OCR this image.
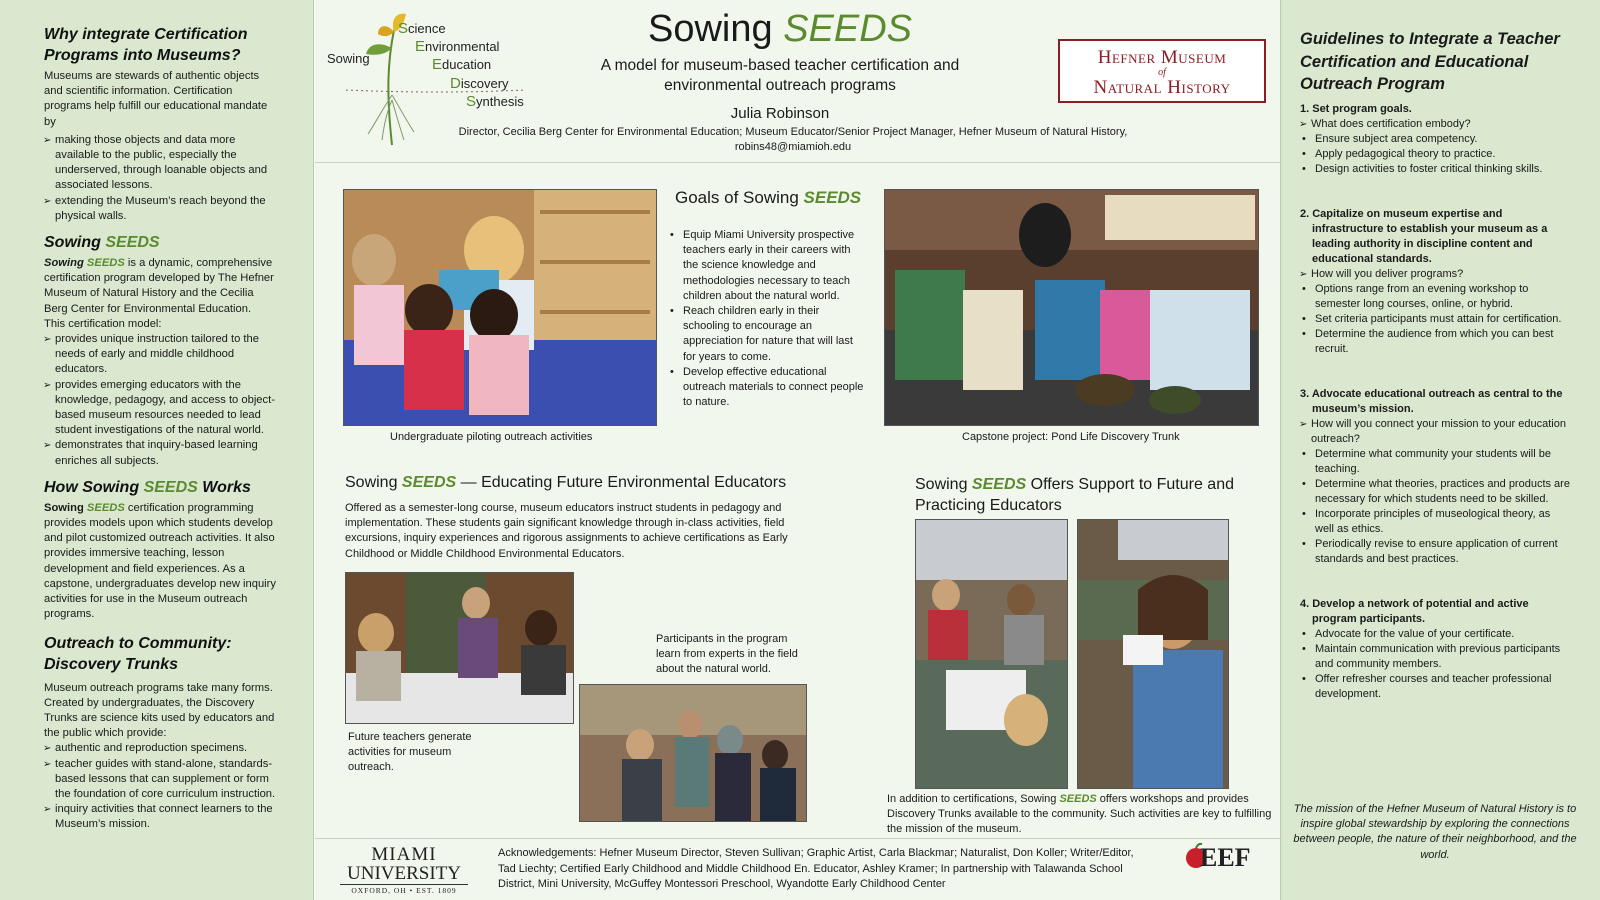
Why integrate Certification Programs into Museums?
Museums are stewards of authentic objects and scientific information. Certification programs help fulfill our educational mandate by
➢ making those objects and data more available to the public, especially the underserved, through loanable objects and associated lessons.
➢ extending the Museum’s reach beyond the physical walls.
Sowing SEEDS
Sowing SEEDS is a dynamic, comprehensive certification program developed by The Hefner Museum of Natural History and the Cecilia Berg Center for Environmental Education.
This certification model:
➢ provides unique instruction tailored to the needs of early and middle childhood educators.
➢ provides emerging educators with the knowledge, pedagogy, and access to object-based museum resources needed to lead student investigations of the natural world.
➢ demonstrates that inquiry-based learning enriches all subjects.
How Sowing SEEDS Works
Sowing SEEDS certification programming provides models upon which students develop and pilot customized outreach activities. It also provides immersive teaching, lesson development and field experiences. As a capstone, undergraduates develop new inquiry activities for use in the Museum outreach programs.
Outreach to Community: Discovery Trunks
Museum outreach programs take many forms. Created by undergraduates, the Discovery Trunks are science kits used by educators and the public which provide:
➢ authentic and reproduction specimens.
➢ teacher guides with stand-alone, standards-based lessons that can supplement or form the foundation of core curriculum instruction.
➢ inquiry activities that connect learners to the Museum’s mission.
Sowing
Science
Environmental
Education
Discovery
Synthesis
Sowing SEEDS
A model for museum-based teacher certification and environmental outreach programs
Julia Robinson
Director, Cecilia Berg Center for Environmental Education; Museum Educator/Senior Project Manager, Hefner Museum of Natural History,
robins48@miamioh.edu
Hefner Museum
of
Natural History
Undergraduate piloting outreach activities
Goals of Sowing SEEDS
• Equip Miami University prospective teachers early in their careers with the science knowledge and methodologies necessary to teach children about the natural world.
• Reach children early in their schooling to encourage an appreciation for nature that will last for years to come.
• Develop effective educational outreach materials to connect people to nature.
Capstone project: Pond Life Discovery Trunk
Sowing SEEDS — Educating Future Environmental Educators
Offered as a semester-long course, museum educators instruct students in pedagogy and implementation. These students gain significant knowledge through in-class activities, field excursions, inquiry experiences and rigorous assignments to achieve certifications as Early Childhood or Middle Childhood Environmental Educators.
Future teachers generate activities for museum outreach.
Participants in the program learn from experts in the field about the natural world.
Sowing SEEDS Offers Support to Future and Practicing Educators
In addition to certifications, Sowing SEEDS offers workshops and provides Discovery Trunks available to the community. Such activities are key to fulfilling the mission of the museum.
MIAMI
UNIVERSITY
OXFORD, OH • EST. 1809
Acknowledgements: Hefner Museum Director, Steven Sullivan; Graphic Artist, Carla Blackmar; Naturalist, Don Koller; Writer/Editor, Tad Liechty; Certified Early Childhood and Middle Childhood En. Educator, Ashley Kramer; In partnership with Talawanda School District, Mini University, McGuffey Montessori Preschool, Wyandotte Early Childhood Center
EEF
Guidelines to Integrate a Teacher Certification and Educational Outreach Program
1. Set program goals.
➢ What does certification embody?
• Ensure subject area competency.
• Apply pedagogical theory to practice.
• Design activities to foster critical thinking skills.
2. Capitalize on museum expertise and infrastructure to establish your museum as a leading authority in discipline content and educational standards.
➢ How will you deliver programs?
• Options range from an evening workshop to semester long courses, online, or hybrid.
• Set criteria participants must attain for certification.
• Determine the audience from which you can best recruit.
3. Advocate educational outreach as central to the museum’s mission.
➢ How will you connect your mission to your education outreach?
• Determine what community your students will be teaching.
• Determine what theories, practices and products are necessary for which students need to be skilled.
• Incorporate principles of museological theory, as well as ethics.
• Periodically revise to ensure application of current standards and best practices.
4. Develop a network of potential and active program participants.
• Advocate for the value of your certificate.
• Maintain communication with previous participants and community members.
• Offer refresher courses and teacher professional development.
The mission of the Hefner Museum of Natural History is to inspire global stewardship by exploring the connections between people, the nature of their neighborhood, and the world.
